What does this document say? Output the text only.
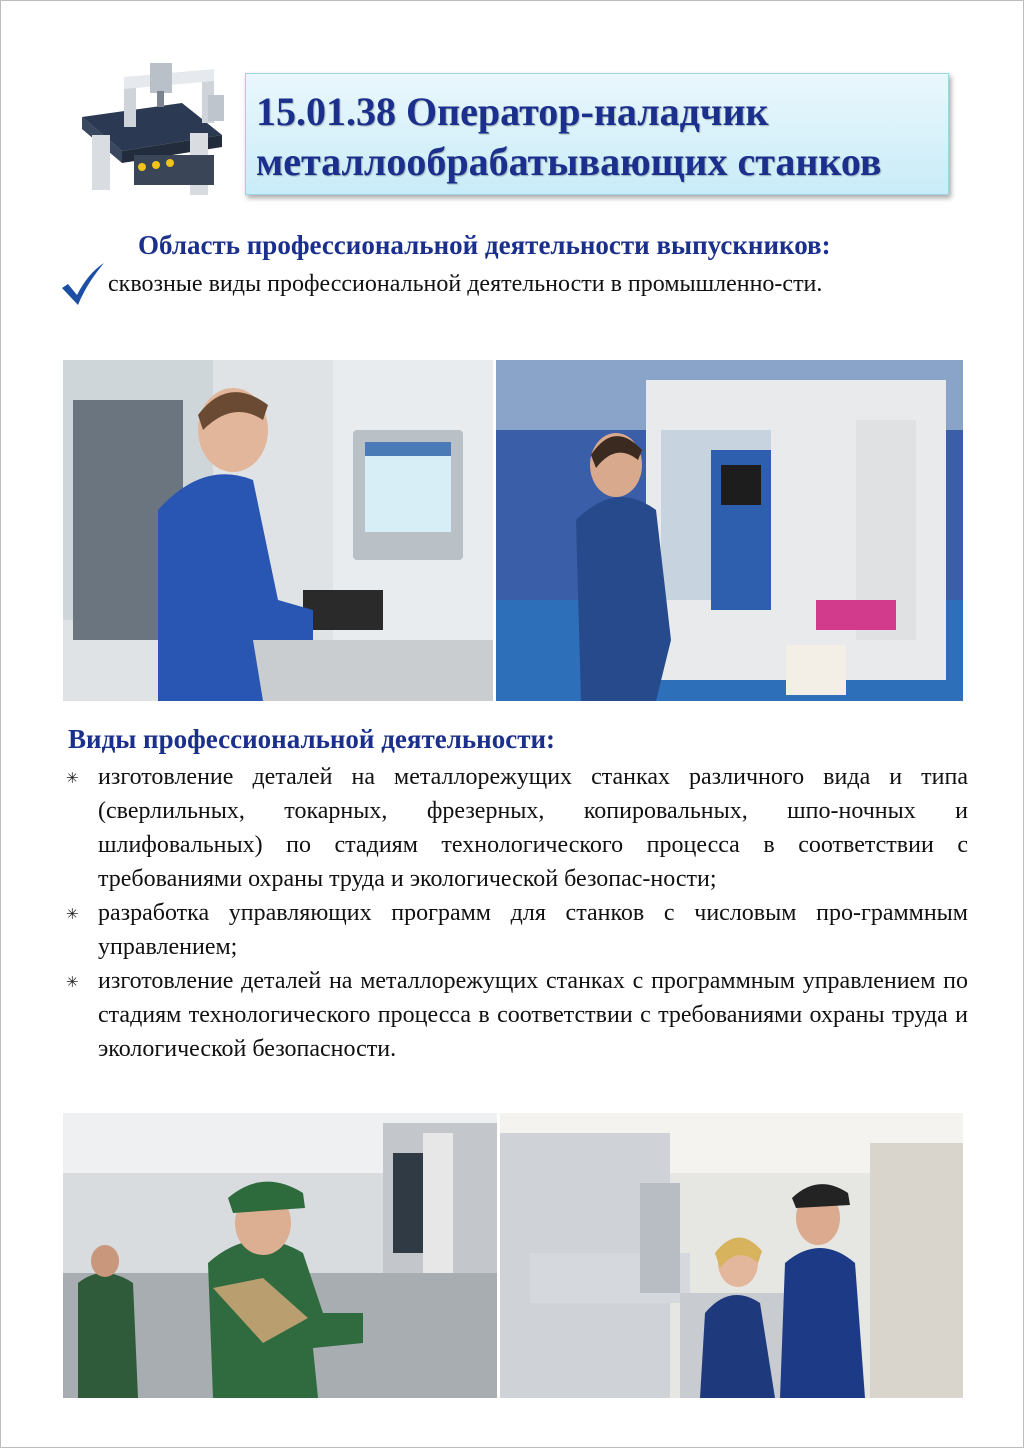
15.01.38 Оператор-наладчик
металлообрабатывающих станков
Область профессиональной деятельности выпускников:
сквозные виды профессиональной деятельности в промышленно-сти.
Виды профессиональной деятельности:
✳ изготовление деталей на металлорежущих станках различного вида и типа (сверлильных, токарных, фрезерных, копировальных, шпо-ночных и шлифовальных) по стадиям технологического процесса в соответствии с требованиями охраны труда и экологической безопас-ности;
✳ разработка управляющих программ для станков с числовым про-граммным управлением;
✳ изготовление деталей на металлорежущих станках с программным управлением по стадиям технологического процесса в соответствии с требованиями охраны труда и экологической безопасности.
